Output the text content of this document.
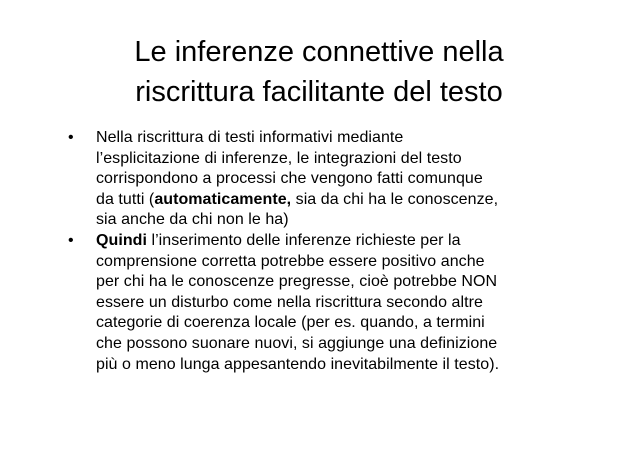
Le inferenze connettive nella
riscrittura facilitante del testo
•	Nella riscrittura di testi informativi mediante
l’esplicitazione di inferenze, le integrazioni del testo
corrispondono a processi che vengono fatti comunque
da tutti (automaticamente, sia da chi ha le conoscenze,
sia anche da chi non le ha)
•	Quindi l’inserimento delle inferenze richieste per la
comprensione corretta potrebbe essere positivo anche
per chi ha le conoscenze pregresse, cioè potrebbe NON
essere un disturbo come nella riscrittura secondo altre
categorie di coerenza locale (per es. quando, a termini
che possono suonare nuovi, si aggiunge una definizione
più o meno lunga appesantendo inevitabilmente il testo).
